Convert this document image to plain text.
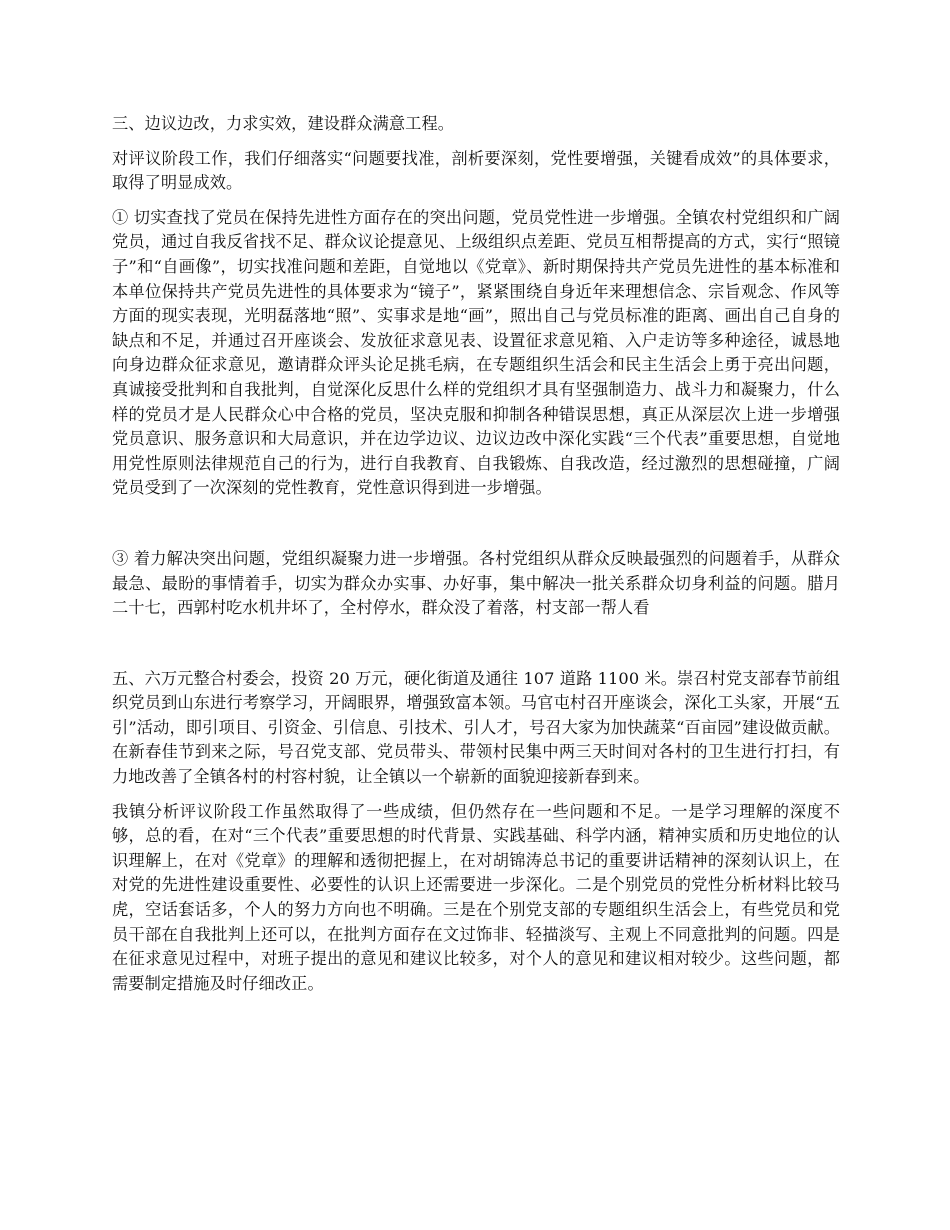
三、边议边改，力求实效，建设群众满意工程。

对评议阶段工作，我们仔细落实“问题要找准，剖析要深刻，党性要增强，关键看成效”的具体要求，取得了明显成效。

① 切实查找了党员在保持先进性方面存在的突出问题，党员党性进一步增强。全镇农村党组织和广阔党员，通过自我反省找不足、群众议论提意见、上级组织点差距、党员互相帮提高的方式，实行“照镜子”和“自画像”，切实找准问题和差距，自觉地以《党章》、新时期保持共产党员先进性的基本标准和本单位保持共产党员先进性的具体要求为“镜子”，紧紧围绕自身近年来理想信念、宗旨观念、作风等方面的现实表现，光明磊落地“照”、实事求是地“画”，照出自己与党员标准的距离、画出自己自身的缺点和不足，并通过召开座谈会、发放征求意见表、设置征求意见箱、入户走访等多种途径，诚恳地向身边群众征求意见，邀请群众评头论足挑毛病，在专题组织生活会和民主生活会上勇于亮出问题，真诚接受批判和自我批判，自觉深化反思什么样的党组织才具有坚强制造力、战斗力和凝聚力，什么样的党员才是人民群众心中合格的党员，坚决克服和抑制各种错误思想，真正从深层次上进一步增强党员意识、服务意识和大局意识，并在边学边议、边议边改中深化实践“三个代表”重要思想，自觉地用党性原则法律规范自己的行为，进行自我教育、自我锻炼、自我改造，经过激烈的思想碰撞，广阔党员受到了一次深刻的党性教育，党性意识得到进一步增强。

③ 着力解决突出问题，党组织凝聚力进一步增强。各村党组织从群众反映最强烈的问题着手，从群众最急、最盼的事情着手，切实为群众办实事、办好事，集中解决一批关系群众切身利益的问题。腊月二十七，西郭村吃水机井坏了，全村停水，群众没了着落，村支部一帮人看

五、六万元整合村委会，投资 20 万元，硬化街道及通往 107 道路 1100 米。崇召村党支部春节前组织党员到山东进行考察学习，开阔眼界，增强致富本领。马官屯村召开座谈会，深化工头家，开展“五引”活动，即引项目、引资金、引信息、引技术、引人才，号召大家为加快蔬菜“百亩园”建设做贡献。在新春佳节到来之际，号召党支部、党员带头、带领村民集中两三天时间对各村的卫生进行打扫，有力地改善了全镇各村的村容村貌，让全镇以一个崭新的面貌迎接新春到来。

我镇分析评议阶段工作虽然取得了一些成绩，但仍然存在一些问题和不足。一是学习理解的深度不够，总的看，在对“三个代表”重要思想的时代背景、实践基础、科学内涵，精神实质和历史地位的认识理解上，在对《党章》的理解和透彻把握上，在对胡锦涛总书记的重要讲话精神的深刻认识上，在对党的先进性建设重要性、必要性的认识上还需要进一步深化。二是个别党员的党性分析材料比较马虎，空话套话多，个人的努力方向也不明确。三是在个别党支部的专题组织生活会上，有些党员和党员干部在自我批判上还可以，在批判方面存在文过饰非、轻描淡写、主观上不同意批判的问题。四是在征求意见过程中，对班子提出的意见和建议比较多，对个人的意见和建议相对较少。这些问题，都需要制定措施及时仔细改正。
